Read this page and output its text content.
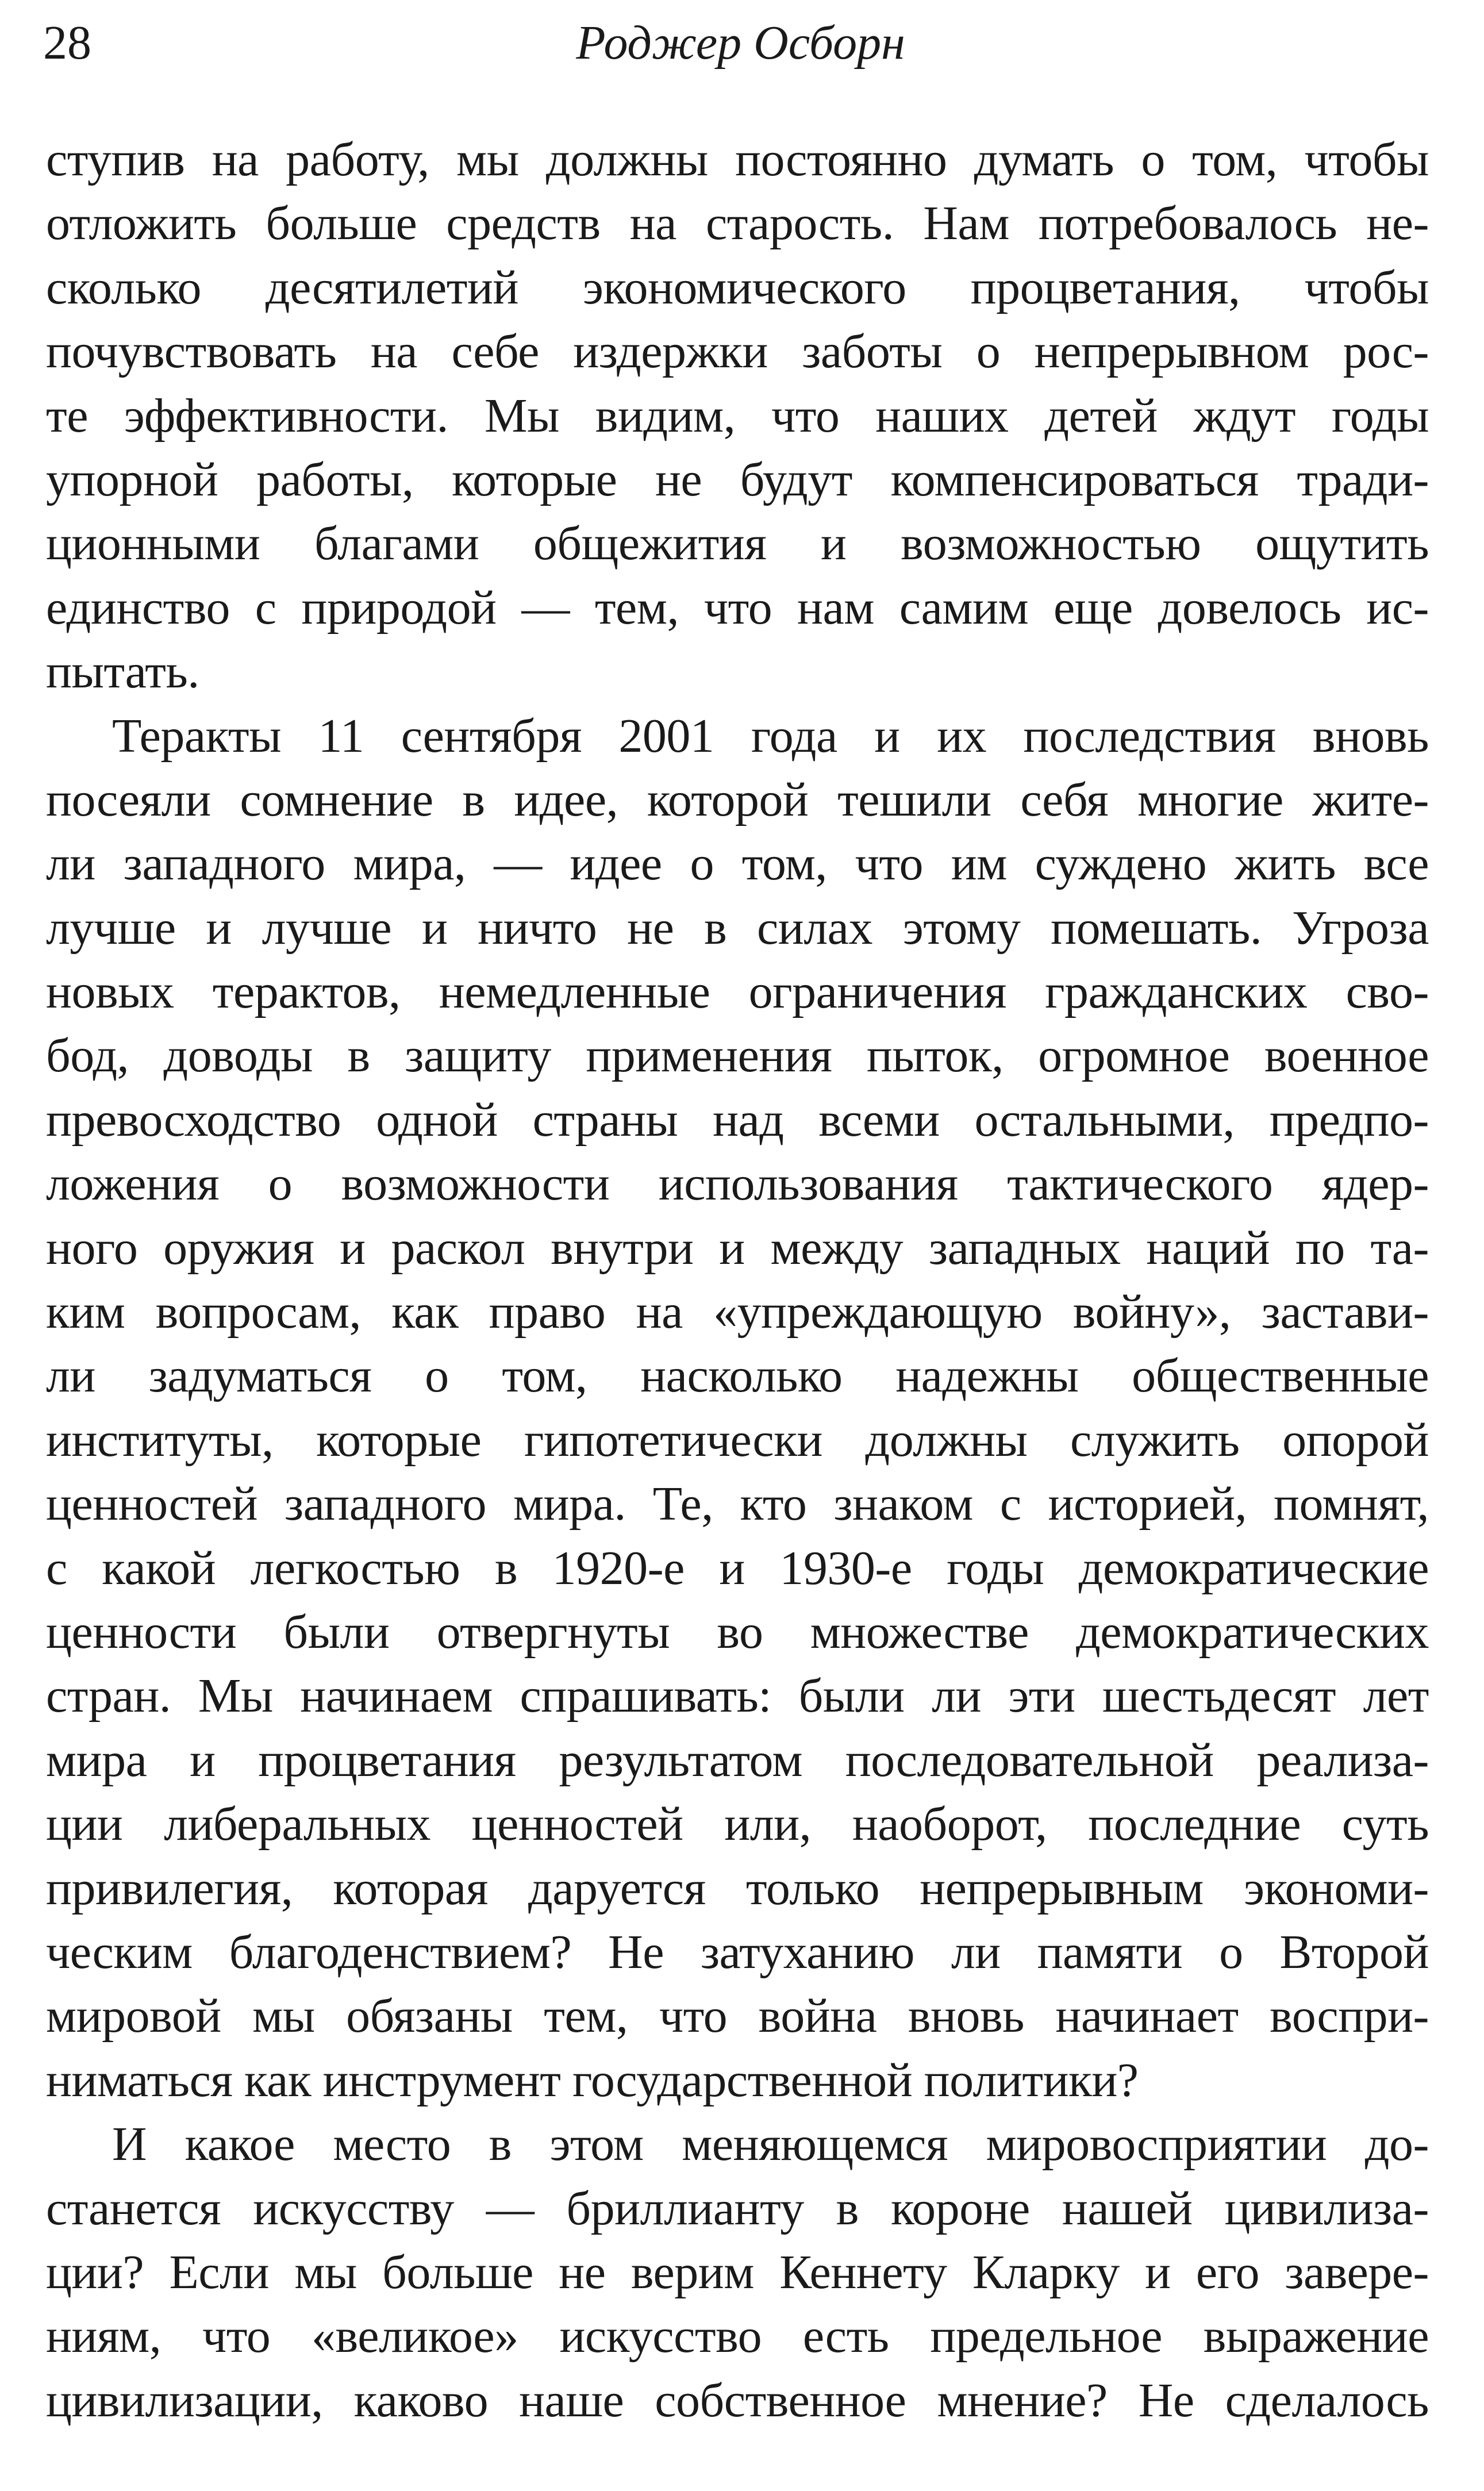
28	Роджер Осборн
ступив на работу, мы должны постоянно думать о том, чтобы
отложить больше средств на старость. Нам потребовалось не-
сколько десятилетий экономического процветания, чтобы
почувствовать на себе издержки заботы о непрерывном рос-
те эффективности. Мы видим, что наших детей ждут годы
упорной работы, которые не будут компенсироваться тради-
ционными благами общежития и возможностью ощутить
единство с природой — тем, что нам самим еще довелось ис-
пытать.
Теракты 11 сентября 2001 года и их последствия вновь
посеяли сомнение в идее, которой тешили себя многие жите-
ли западного мира, — идее о том, что им суждено жить все
лучше и лучше и ничто не в силах этому помешать. Угроза
новых терактов, немедленные ограничения гражданских сво-
бод, доводы в защиту применения пыток, огромное военное
превосходство одной страны над всеми остальными, предпо-
ложения о возможности использования тактического ядер-
ного оружия и раскол внутри и между западных наций по та-
ким вопросам, как право на «упреждающую войну», застави-
ли задуматься о том, насколько надежны общественные
институты, которые гипотетически должны служить опорой
ценностей западного мира. Те, кто знаком с историей, помнят,
с какой легкостью в 1920-е и 1930-е годы демократические
ценности были отвергнуты во множестве демократических
стран. Мы начинаем спрашивать: были ли эти шестьдесят лет
мира и процветания результатом последовательной реализа-
ции либеральных ценностей или, наоборот, последние суть
привилегия, которая даруется только непрерывным экономи-
ческим благоденствием? Не затуханию ли памяти о Второй
мировой мы обязаны тем, что война вновь начинает воспри-
ниматься как инструмент государственной политики?
И какое место в этом меняющемся мировосприятии до-
станется искусству — бриллианту в короне нашей цивилиза-
ции? Если мы больше не верим Кеннету Кларку и его завере-
ниям, что «великое» искусство есть предельное выражение
цивилизации, каково наше собственное мнение? Не сделалось
